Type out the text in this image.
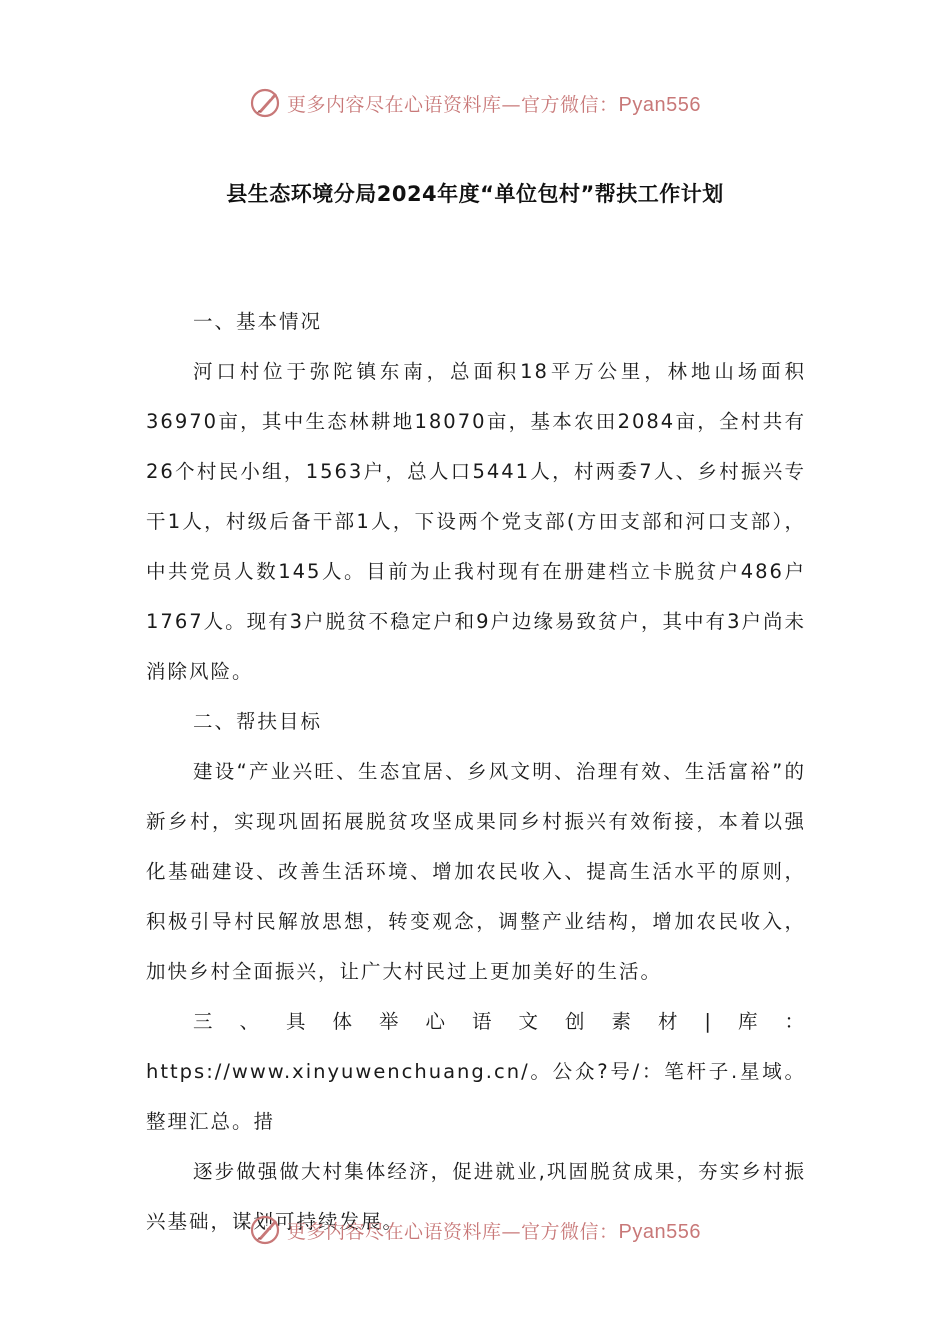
更多内容尽在心语资料库—官方微信：Pyan556
县生态环境分局2024年度“单位包村”帮扶工作计划

一、基本情况

河口村位于弥陀镇东南，总面积18平万公里，林地山场面积36970亩，其中生态林耕地18070亩，基本农田2084亩，全村共有26个村民小组，1563户，总人口5441人，村两委7人、乡村振兴专干1人，村级后备干部1人，下设两个党支部(方田支部和河口支部），中共党员人数145人。目前为止我村现有在册建档立卡脱贫户486户1767人。现有3户脱贫不稳定户和9户边缘易致贫户，其中有3户尚未消除风险。

二、帮扶目标

建设“产业兴旺、生态宜居、乡风文明、治理有效、生活富裕”的新乡村，实现巩固拓展脱贫攻坚成果同乡村振兴有效衔接，本着以强化基础建设、改善生活环境、增加农民收入、提高生活水平的原则，积极引导村民解放思想，转变观念，调整产业结构，增加农民收入，加快乡村全面振兴，让广大村民过上更加美好的生活。

三、具体举心语文创素材|库：https://www.xinyuwenchuang.cn/。公众?号/：笔杆子.星域。整理汇总。措

逐步做强做大村集体经济，促进就业,巩固脱贫成果，夯实乡村振兴基础，谋划可持续发展。

更多内容尽在心语资料库—官方微信：Pyan556
